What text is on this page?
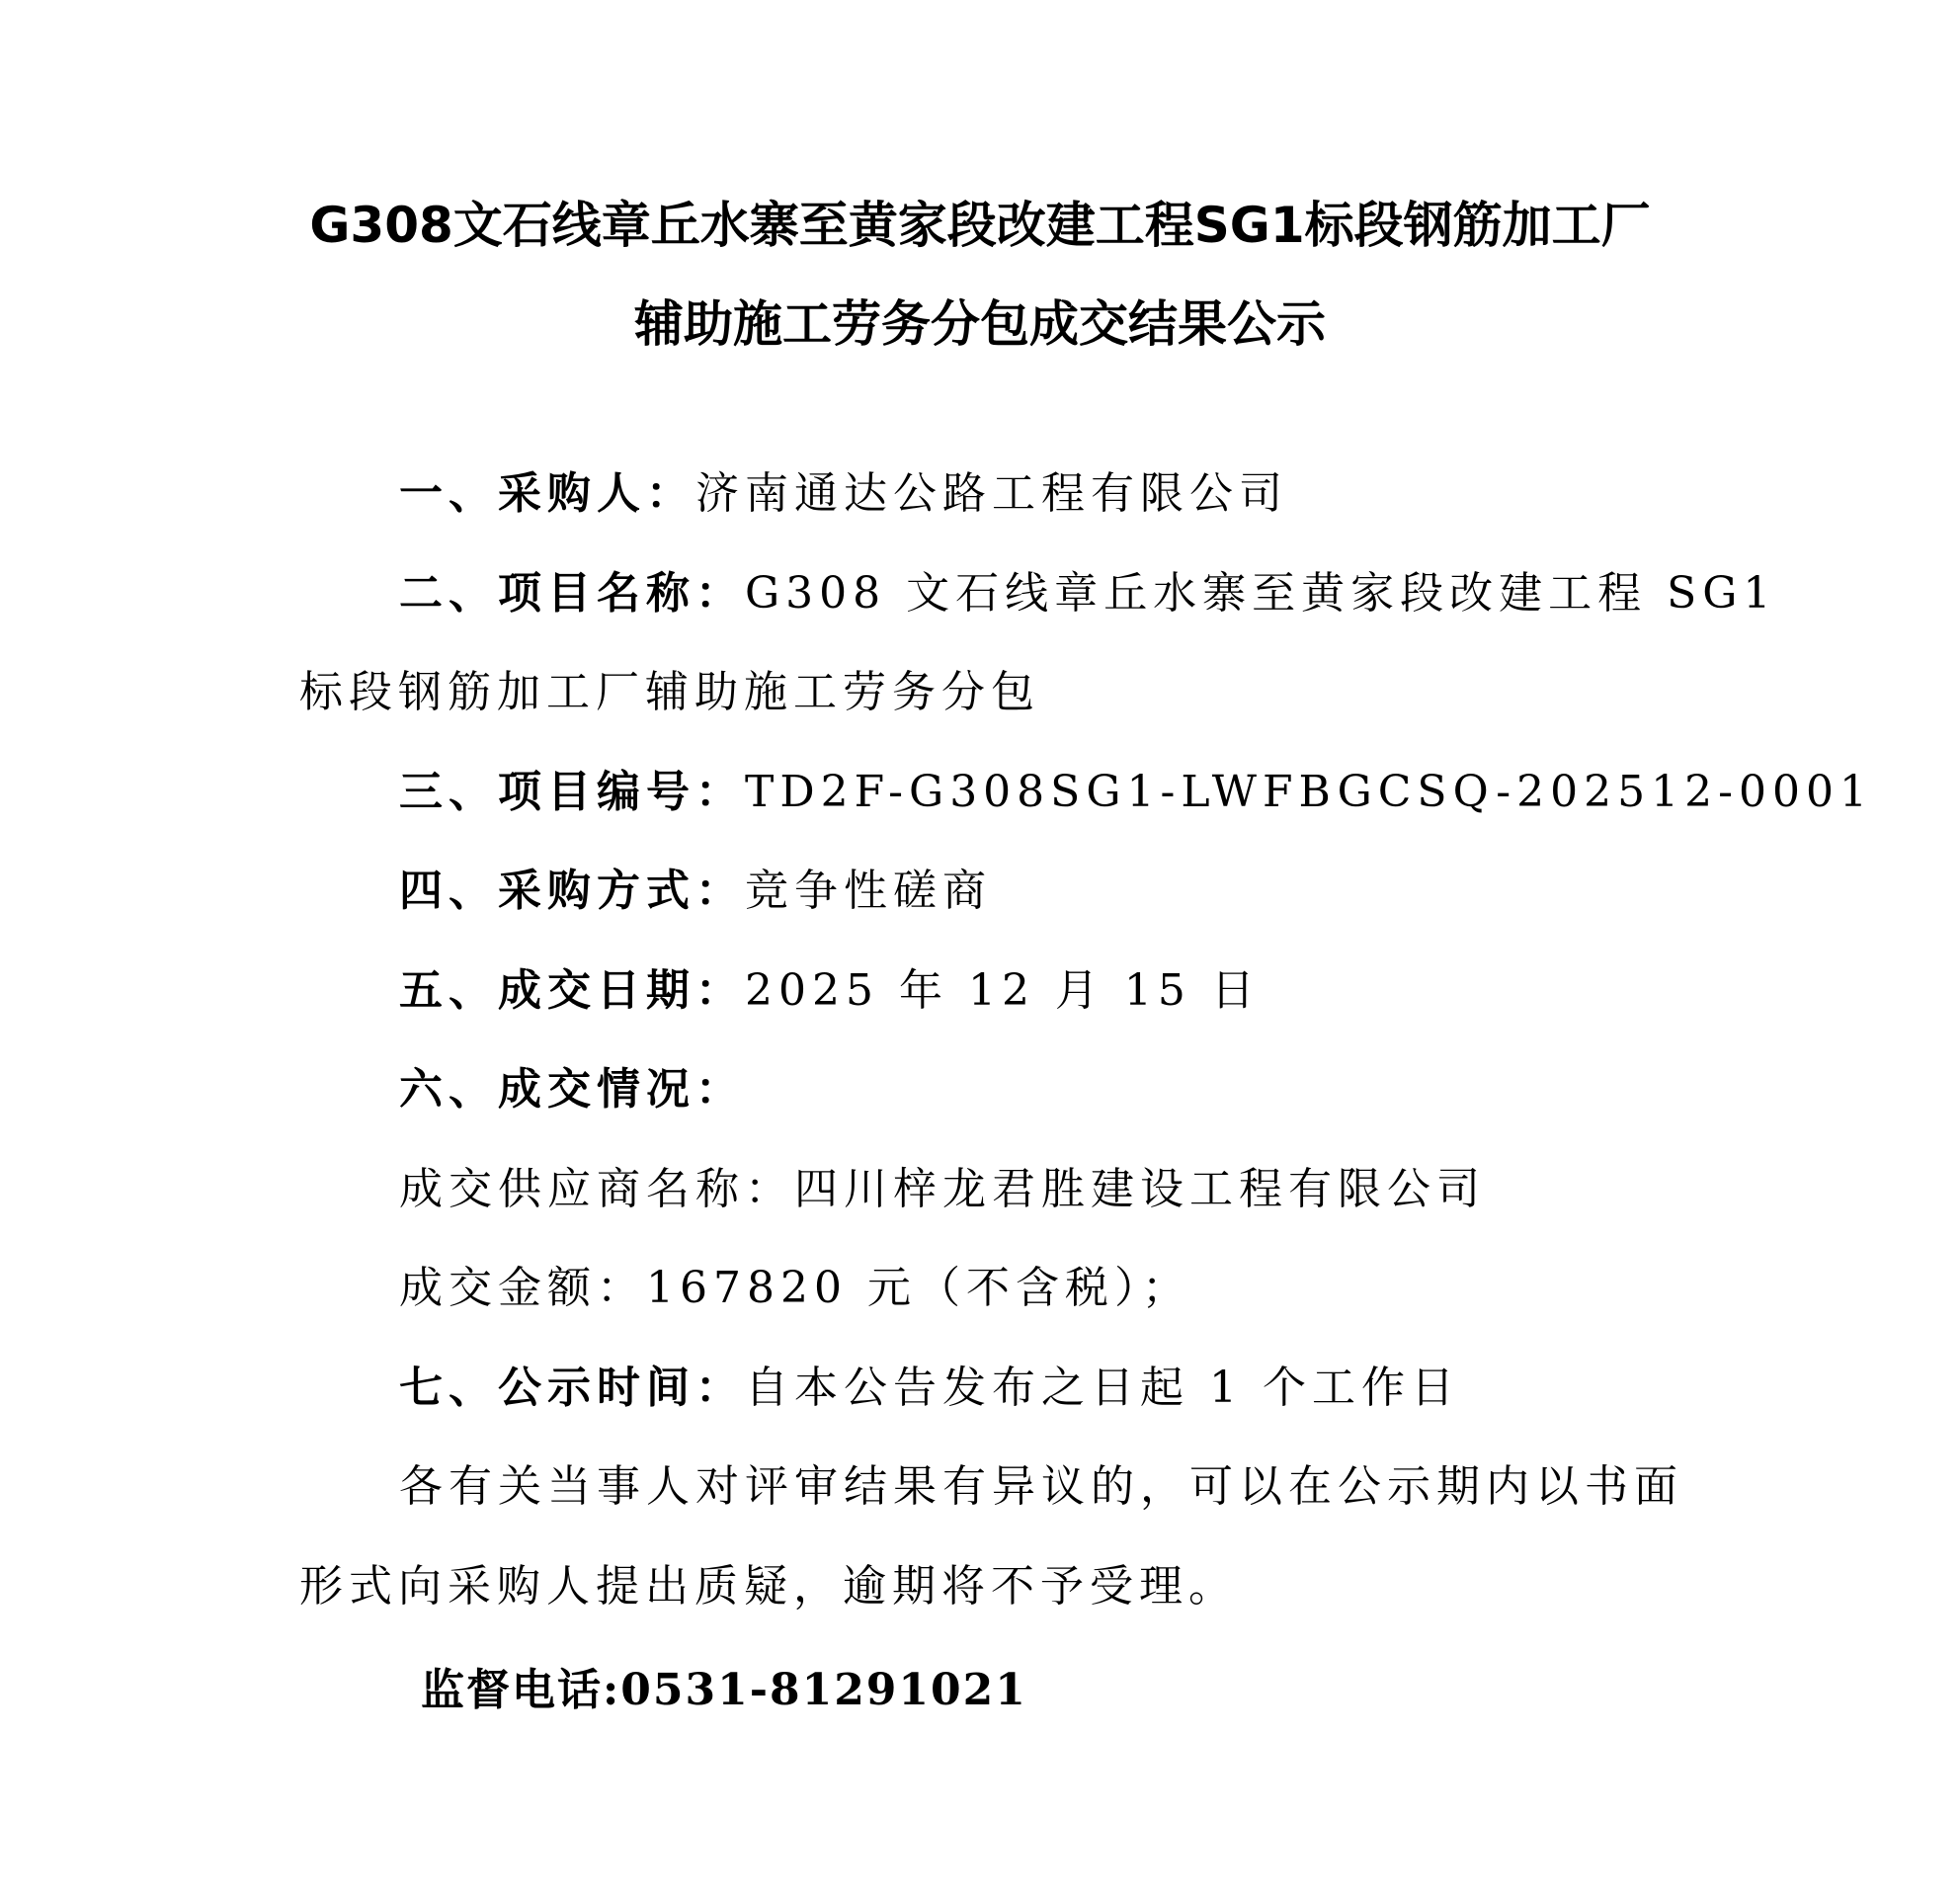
G308文石线章丘水寨至黄家段改建工程SG1标段钢筋加工厂
辅助施工劳务分包成交结果公示
一、采购人：济南通达公路工程有限公司
二、项目名称：G308 文石线章丘水寨至黄家段改建工程 SG1
标段钢筋加工厂辅助施工劳务分包
三、项目编号：TD2F-G308SG1-LWFBGCSQ-202512-0001
四、采购方式：竞争性磋商
五、成交日期：2025 年 12 月 15 日
六、成交情况：
成交供应商名称：四川梓龙君胜建设工程有限公司
成交金额：167820 元（不含税）；
七、公示时间：自本公告发布之日起 1 个工作日
各有关当事人对评审结果有异议的，可以在公示期内以书面
形式向采购人提出质疑，逾期将不予受理。
监督电话:0531-81291021
